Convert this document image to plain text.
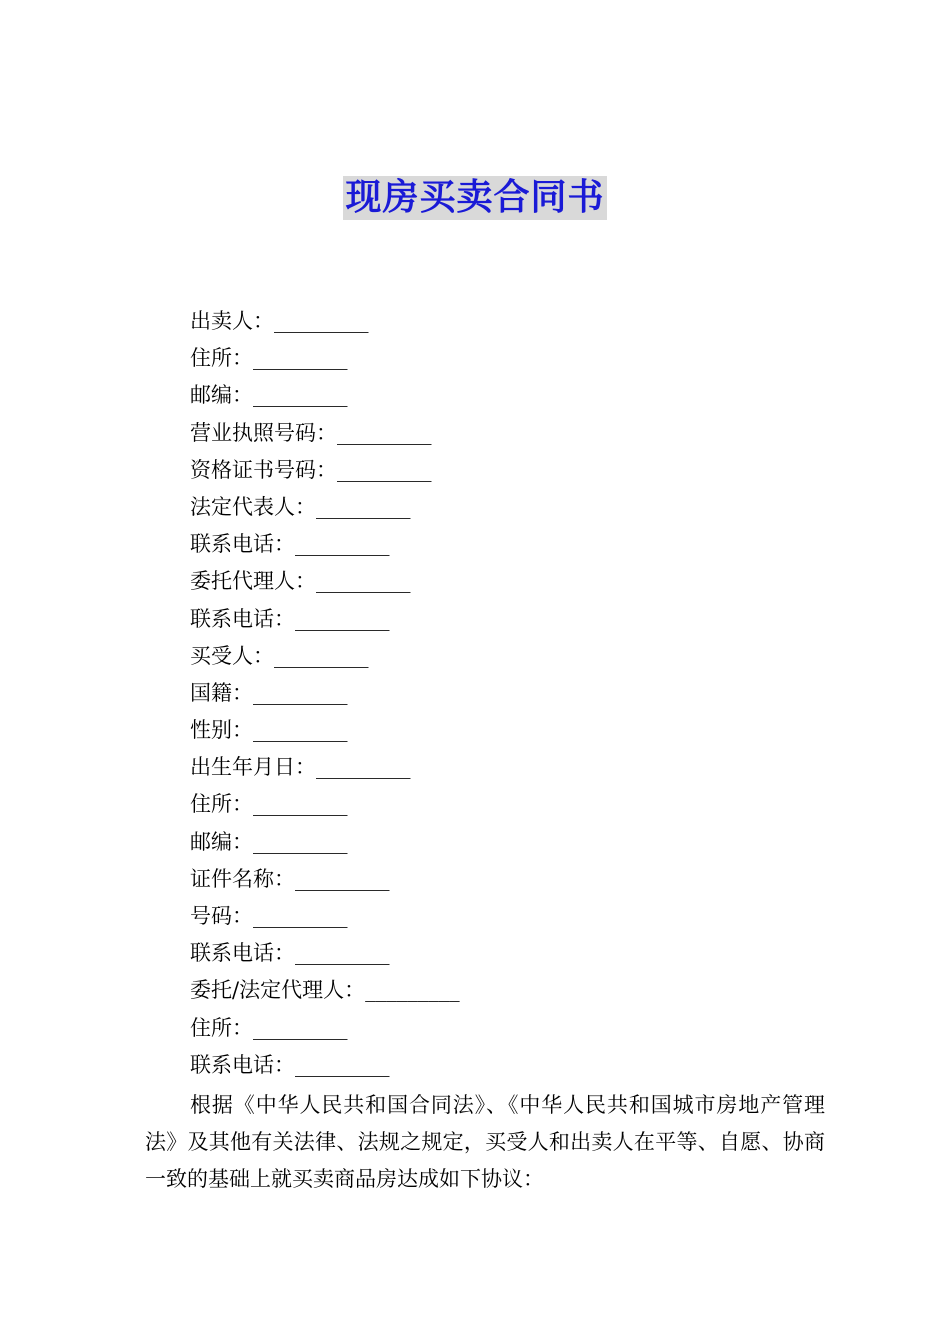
现房买卖合同书
出卖人：_________
住所：_________
邮编：_________
营业执照号码：_________
资格证书号码：_________
法定代表人：_________
联系电话：_________
委托代理人：_________
联系电话：_________
买受人：_________
国籍：_________
性别：_________
出生年月日：_________
住所：_________
邮编：_________
证件名称：_________
号码：_________
联系电话：_________
委托/法定代理人：_________
住所：_________
联系电话：_________

根据《中华人民共和国合同法》、《中华人民共和国城市房地产管理法》及其他有关法律、法规之规定，买受人和出卖人在平等、自愿、协商一致的基础上就买卖商品房达成如下协议：
